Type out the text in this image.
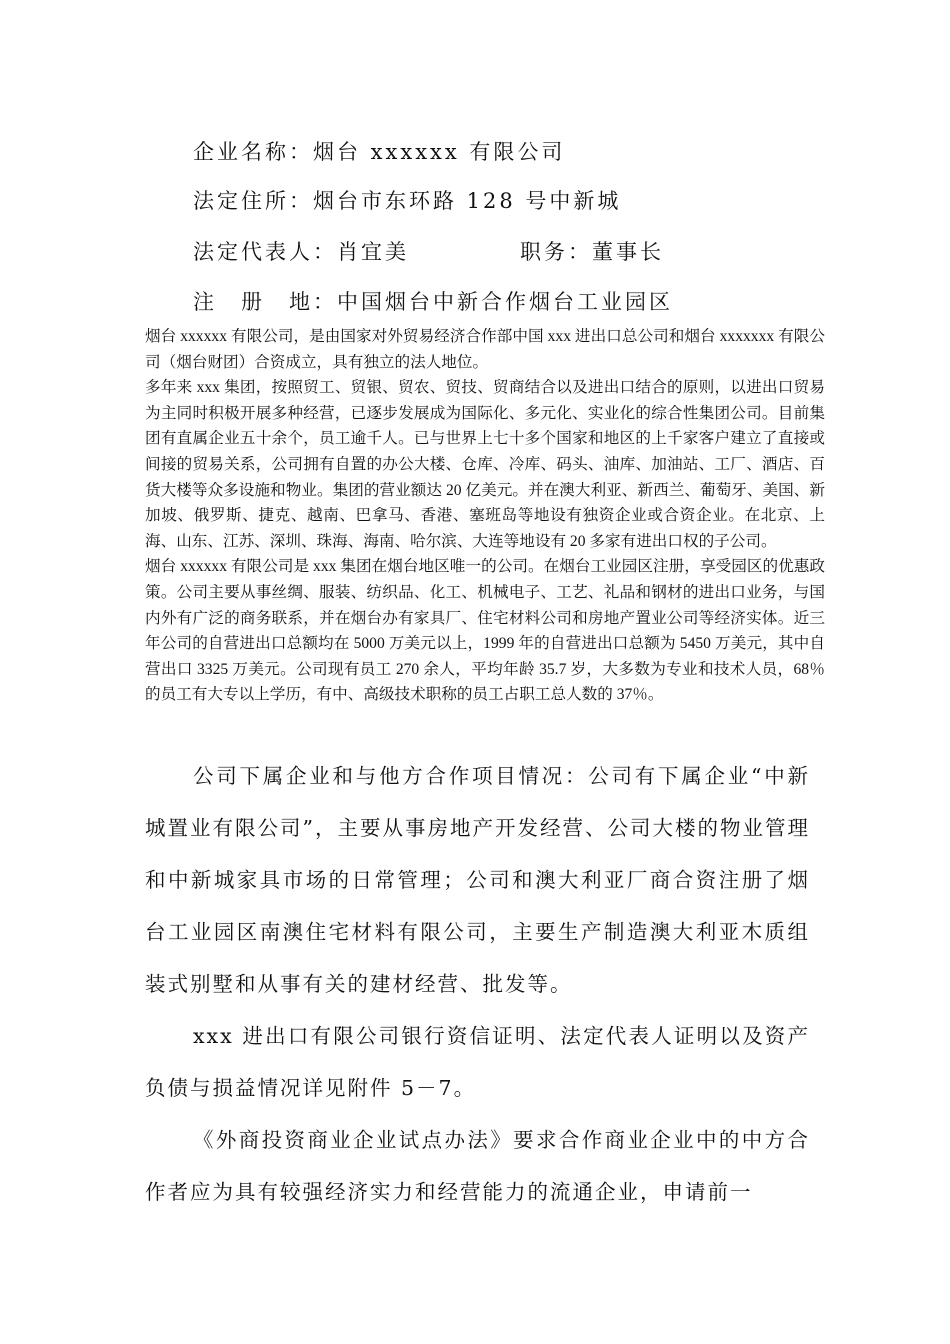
企业名称：烟台 xxxxxx 有限公司
法定住所：烟台市东环路 128 号中新城
法定代表人：肖宜美	职务：董事长
注　册　地：中国烟台中新合作烟台工业园区

烟台 xxxxxx 有限公司，是由国家对外贸易经济合作部中国 xxx 进出口总公司和烟台 xxxxxxx 有限公司（烟台财团）合资成立，具有独立的法人地位。

多年来 xxx 集团，按照贸工、贸银、贸农、贸技、贸商结合以及进出口结合的原则，以进出口贸易为主同时积极开展多种经营，已逐步发展成为国际化、多元化、实业化的综合性集团公司。目前集团有直属企业五十余个，员工逾千人。已与世界上七十多个国家和地区的上千家客户建立了直接或间接的贸易关系，公司拥有自置的办公大楼、仓库、冷库、码头、油库、加油站、工厂、酒店、百货大楼等众多设施和物业。集团的营业额达 20 亿美元。并在澳大利亚、新西兰、葡萄牙、美国、新加坡、俄罗斯、捷克、越南、巴拿马、香港、塞班岛等地设有独资企业或合资企业。在北京、上海、山东、江苏、深圳、珠海、海南、哈尔滨、大连等地设有 20 多家有进出口权的子公司。

烟台 xxxxxx 有限公司是 xxx 集团在烟台地区唯一的公司。在烟台工业园区注册，享受园区的优惠政策。公司主要从事丝绸、服装、纺织品、化工、机械电子、工艺、礼品和钢材的进出口业务，与国内外有广泛的商务联系，并在烟台办有家具厂、住宅材料公司和房地产置业公司等经济实体。近三年公司的自营进出口总额均在 5000 万美元以上，1999 年的自营进出口总额为 5450 万美元，其中自营出口 3325 万美元。公司现有员工 270 余人，平均年龄 35.7 岁，大多数为专业和技术人员，68％的员工有大专以上学历，有中、高级技术职称的员工占职工总人数的 37％。

公司下属企业和与他方合作项目情况：公司有下属企业“中新城置业有限公司”，主要从事房地产开发经营、公司大楼的物业管理和中新城家具市场的日常管理；公司和澳大利亚厂商合资注册了烟台工业园区南澳住宅材料有限公司，主要生产制造澳大利亚木质组装式别墅和从事有关的建材经营、批发等。

xxx 进出口有限公司银行资信证明、法定代表人证明以及资产负债与损益情况详见附件 5－7。

《外商投资商业企业试点办法》要求合作商业企业中的中方合作者应为具有较强经济实力和经营能力的流通企业，申请前一
